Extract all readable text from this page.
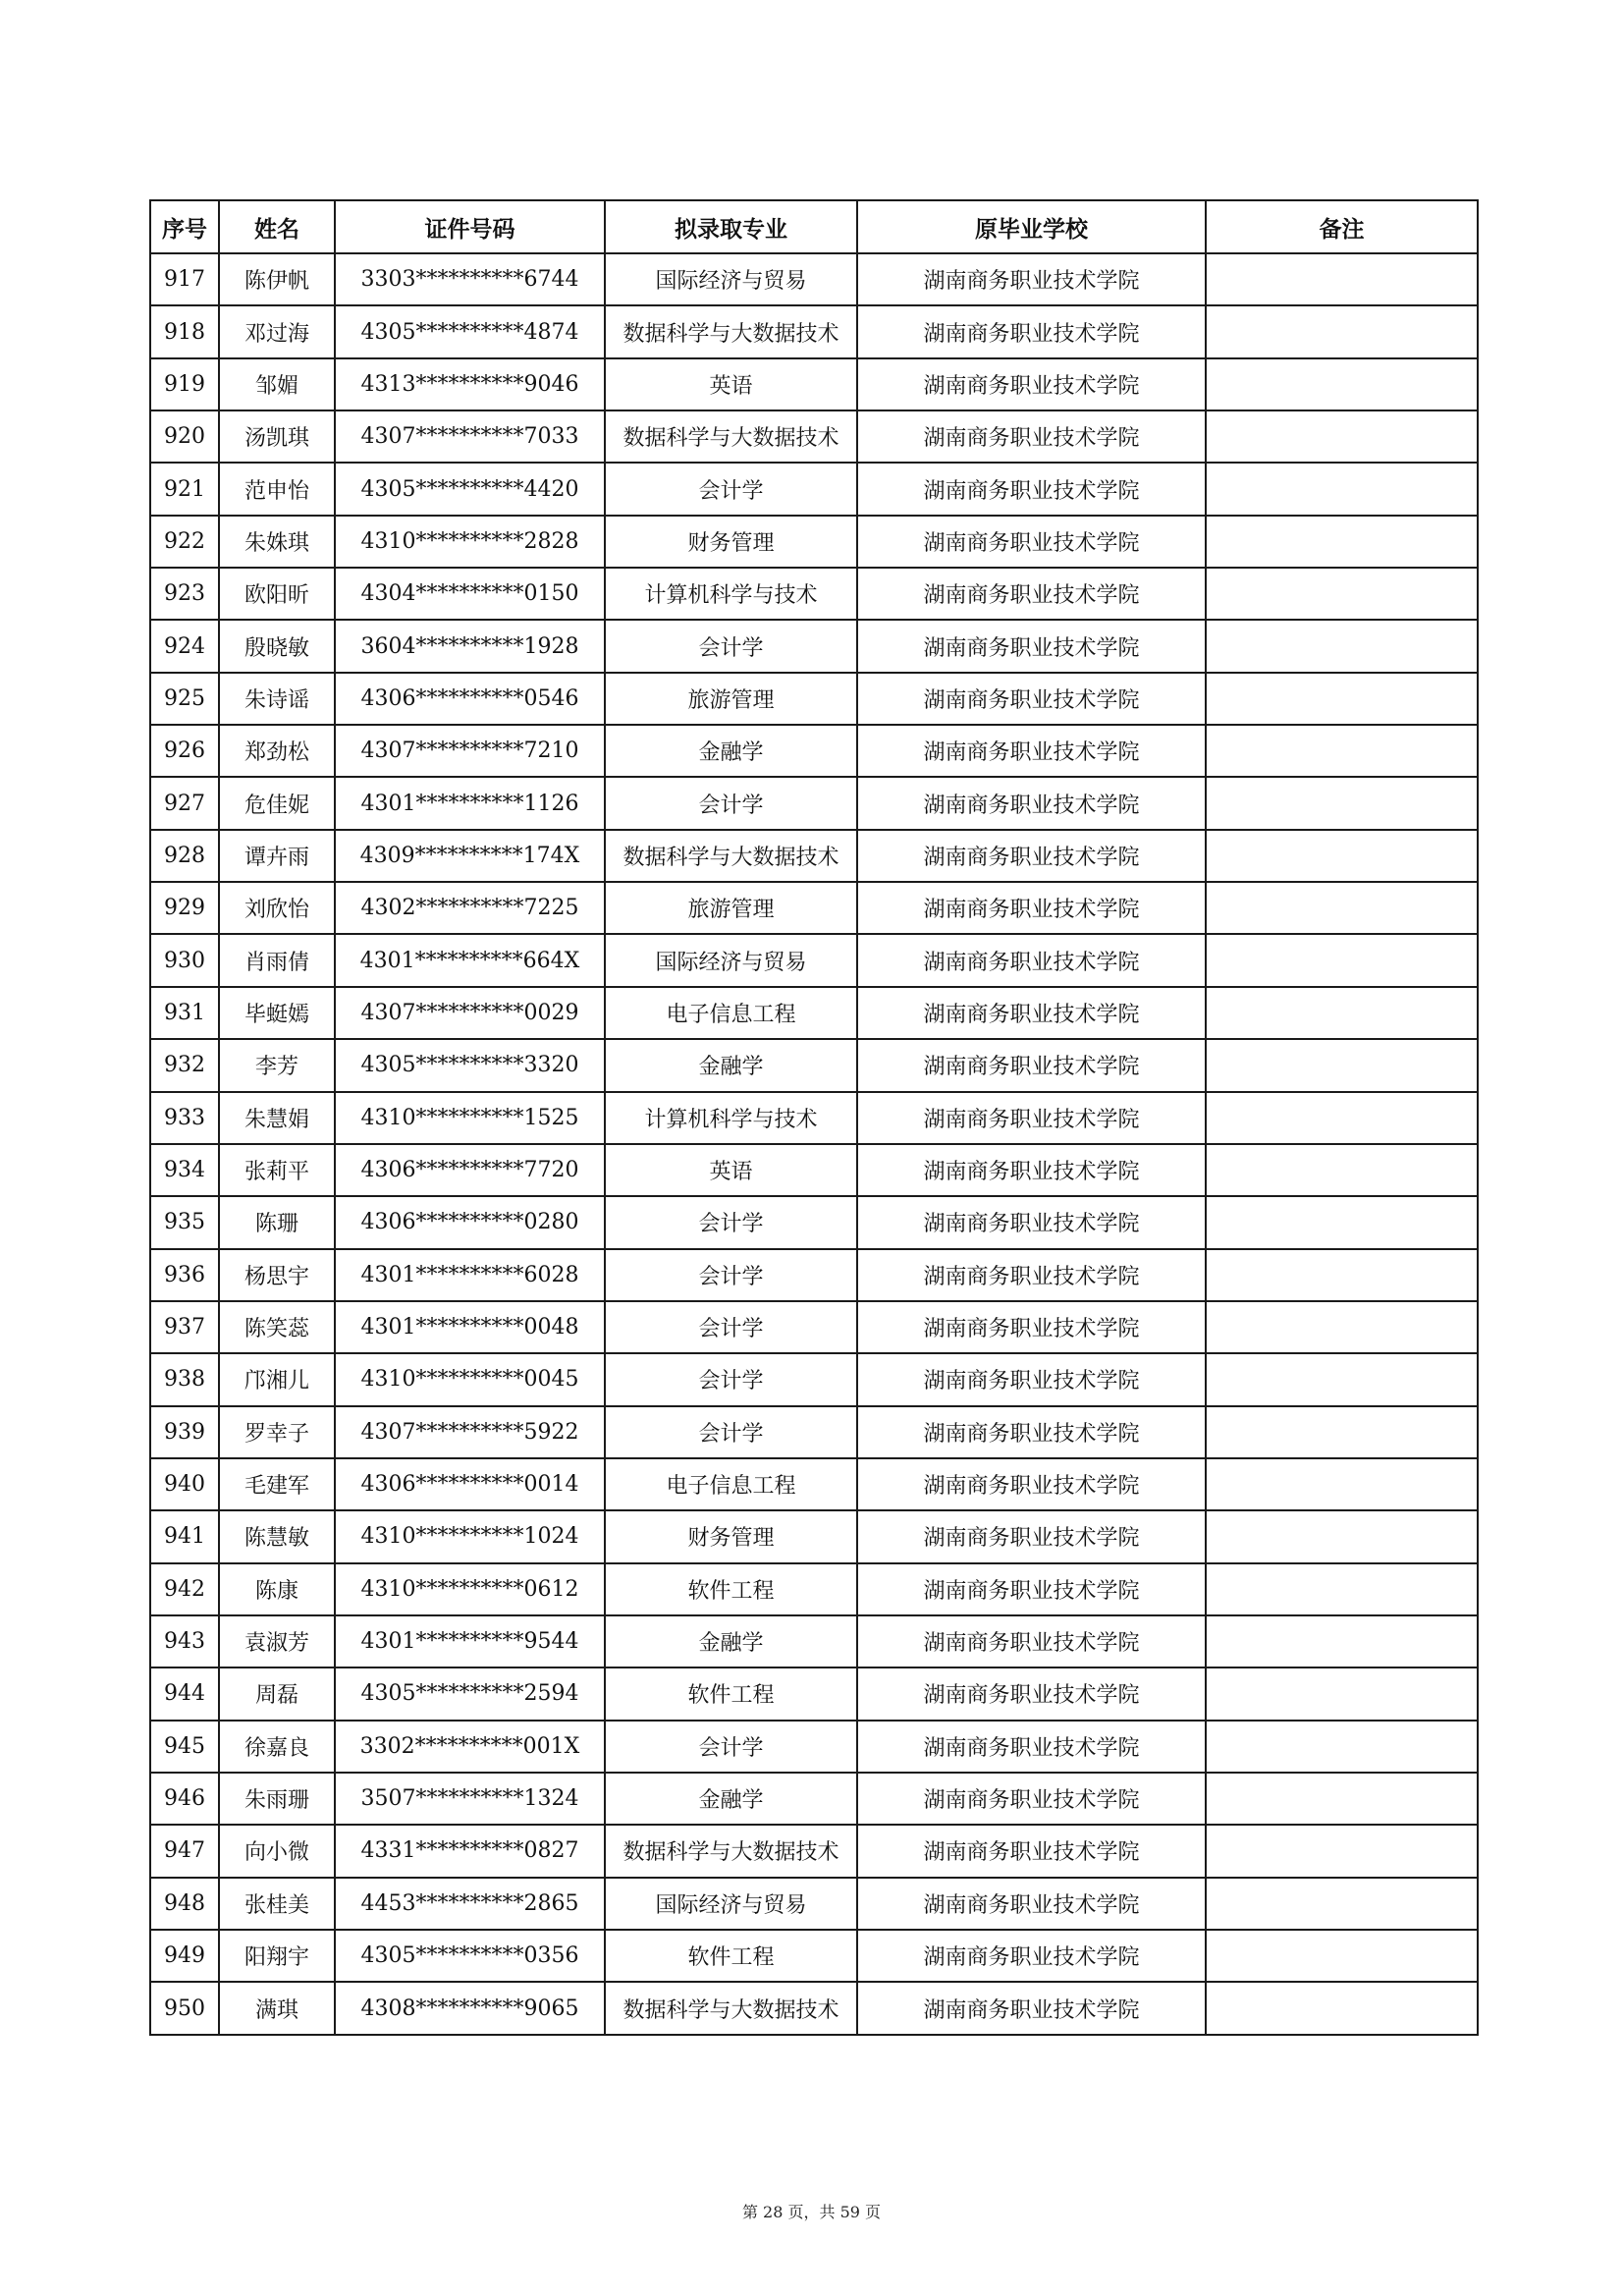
序号	姓名	证件号码	拟录取专业	原毕业学校	备注
917	陈伊帆	3303**********6744	国际经济与贸易	湖南商务职业技术学院	
918	邓过海	4305**********4874	数据科学与大数据技术	湖南商务职业技术学院	
919	邹媚	4313**********9046	英语	湖南商务职业技术学院	
920	汤凯琪	4307**********7033	数据科学与大数据技术	湖南商务职业技术学院	
921	范申怡	4305**********4420	会计学	湖南商务职业技术学院	
922	朱姝琪	4310**********2828	财务管理	湖南商务职业技术学院	
923	欧阳昕	4304**********0150	计算机科学与技术	湖南商务职业技术学院	
924	殷晓敏	3604**********1928	会计学	湖南商务职业技术学院	
925	朱诗谣	4306**********0546	旅游管理	湖南商务职业技术学院	
926	郑劲松	4307**********7210	金融学	湖南商务职业技术学院	
927	危佳妮	4301**********1126	会计学	湖南商务职业技术学院	
928	谭卉雨	4309**********174X	数据科学与大数据技术	湖南商务职业技术学院	
929	刘欣怡	4302**********7225	旅游管理	湖南商务职业技术学院	
930	肖雨倩	4301**********664X	国际经济与贸易	湖南商务职业技术学院	
931	毕蜓嫣	4307**********0029	电子信息工程	湖南商务职业技术学院	
932	李芳	4305**********3320	金融学	湖南商务职业技术学院	
933	朱慧娟	4310**********1525	计算机科学与技术	湖南商务职业技术学院	
934	张莉平	4306**********7720	英语	湖南商务职业技术学院	
935	陈珊	4306**********0280	会计学	湖南商务职业技术学院	
936	杨思宇	4301**********6028	会计学	湖南商务职业技术学院	
937	陈笑蕊	4301**********0048	会计学	湖南商务职业技术学院	
938	邝湘儿	4310**********0045	会计学	湖南商务职业技术学院	
939	罗幸子	4307**********5922	会计学	湖南商务职业技术学院	
940	毛建军	4306**********0014	电子信息工程	湖南商务职业技术学院	
941	陈慧敏	4310**********1024	财务管理	湖南商务职业技术学院	
942	陈康	4310**********0612	软件工程	湖南商务职业技术学院	
943	袁淑芳	4301**********9544	金融学	湖南商务职业技术学院	
944	周磊	4305**********2594	软件工程	湖南商务职业技术学院	
945	徐嘉良	3302**********001X	会计学	湖南商务职业技术学院	
946	朱雨珊	3507**********1324	金融学	湖南商务职业技术学院	
947	向小微	4331**********0827	数据科学与大数据技术	湖南商务职业技术学院	
948	张桂美	4453**********2865	国际经济与贸易	湖南商务职业技术学院	
949	阳翔宇	4305**********0356	软件工程	湖南商务职业技术学院	
950	满琪	4308**********9065	数据科学与大数据技术	湖南商务职业技术学院	
第 28 页，共 59 页
